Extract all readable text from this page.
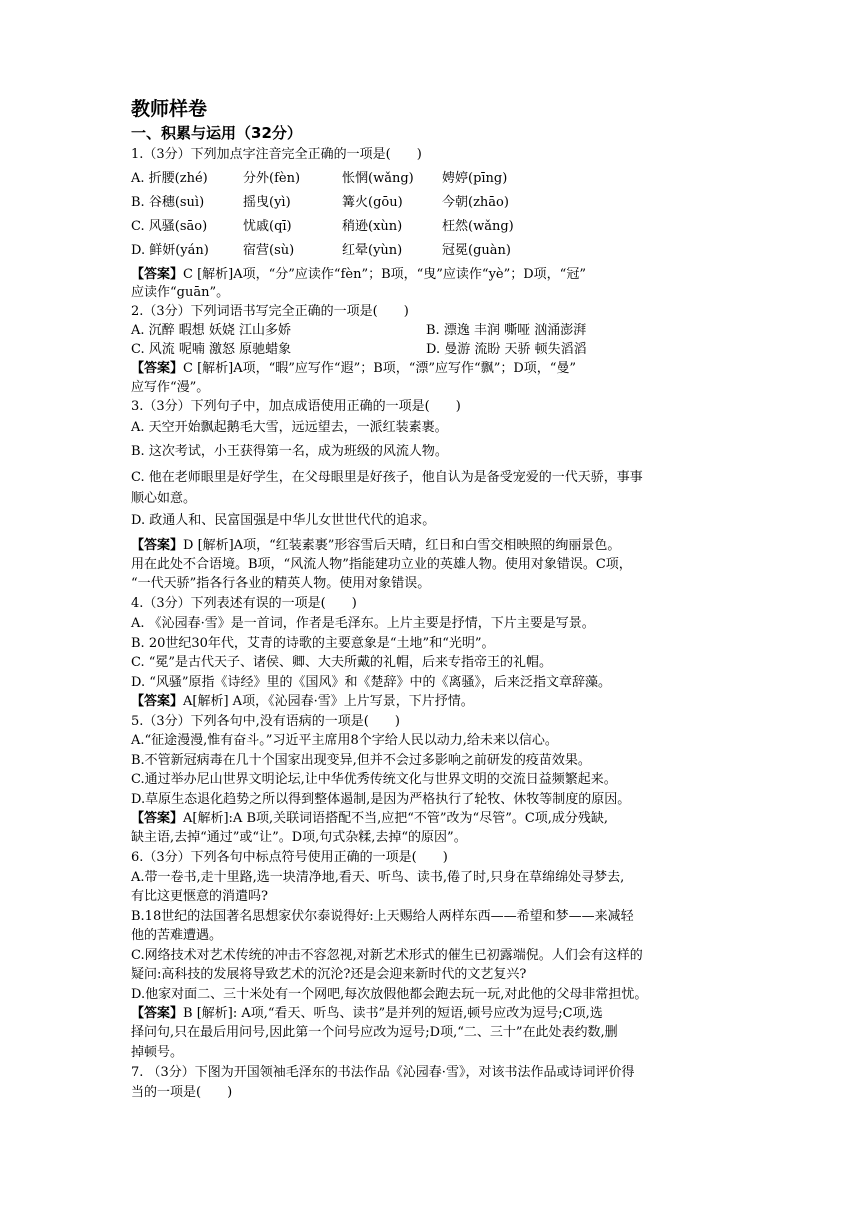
教师样卷
一、积累与运用（32分）
1.（3分）下列加点字注音完全正确的一项是(　　)
A. 折腰(zhé)	分外(fèn)	怅惘(wǎng) 娉婷(pīng)
B. 谷穗(suì)	摇曳(yì)	篝火(gōu)	今朝(zhāo)
C. 风骚(sāo)	忧戚(qī)	稍逊(xùn)	枉然(wǎng)
D. 鲜妍(yán)	宿营(sù)	红晕(yùn)	冠冕(guàn)
【答案】C [解析]A项，“分”应读作“fèn”；B项，“曳”应读作“yè”；D项，“冠”
应读作“guān”。
2.（3分）下列词语书写完全正确的一项是(　　)
A. 沉醉 暇想 妖娆 江山多娇	B. 漂逸 丰润 嘶哑 汹涌澎湃
C. 风流 呢喃 激怒 原驰蜡象	D. 曼游 流盼 天骄 顿失滔滔
【答案】C [解析]A项，“暇”应写作“遐”；B项，“漂”应写作“飘”；D项，“曼”
应写作“漫”。
3.（3分）下列句子中，加点成语使用正确的一项是(　　)
A. 天空开始飘起鹅毛大雪，远远望去，一派红装素裹。
B. 这次考试，小王获得第一名，成为班级的风流人物。
C. 他在老师眼里是好学生，在父母眼里是好孩子，他自认为是备受宠爱的一代天骄，事事
顺心如意。
D. 政通人和、民富国强是中华儿女世世代代的追求。
【答案】D [解析]A项，“红装素裹”形容雪后天晴，红日和白雪交相映照的绚丽景色。
用在此处不合语境。B项，“风流人物”指能建功立业的英雄人物。使用对象错误。C项，
“一代天骄”指各行各业的精英人物。使用对象错误。
4.（3分）下列表述有误的一项是(　　)
A. 《沁园春·雪》是一首词，作者是毛泽东。上片主要是抒情，下片主要是写景。
B. 20世纪30年代，艾青的诗歌的主要意象是“土地”和“光明”。
C. “冕”是古代天子、诸侯、卿、大夫所戴的礼帽，后来专指帝王的礼帽。
D. “风骚”原指《诗经》里的《国风》和《楚辞》中的《离骚》，后来泛指文章辞藻。
【答案】A[解析] A项，《沁园春·雪》上片写景，下片抒情。
5.（3分）下列各句中,没有语病的一项是(　　)
A.“征途漫漫,惟有奋斗。”习近平主席用8个字给人民以动力,给未来以信心。
B.不管新冠病毒在几十个国家出现变异,但并不会过多影响之前研发的疫苗效果。
C.通过举办尼山世界文明论坛,让中华优秀传统文化与世界文明的交流日益频繁起来。
D.草原生态退化趋势之所以得到整体遏制,是因为严格执行了轮牧、休牧等制度的原因。
【答案】A[解析]:A B项,关联词语搭配不当,应把“不管”改为“尽管”。C项,成分残缺,
缺主语,去掉“通过”或“让”。D项,句式杂糅,去掉“的原因”。
6.（3分）下列各句中标点符号使用正确的一项是(　　)
A.带一卷书,走十里路,选一块清净地,看天、听鸟、读书,倦了时,只身在草绵绵处寻梦去,
有比这更惬意的消遣吗?
B.18世纪的法国著名思想家伏尔泰说得好:上天赐给人两样东西——希望和梦——来减轻
他的苦难遭遇。
C.网络技术对艺术传统的冲击不容忽视,对新艺术形式的催生已初露端倪。人们会有这样的
疑问:高科技的发展将导致艺术的沉沦?还是会迎来新时代的文艺复兴?
D.他家对面二、三十米处有一个网吧,每次放假他都会跑去玩一玩,对此他的父母非常担忧。
【答案】B [解析]: A项,“看天、听鸟、读书”是并列的短语,顿号应改为逗号;C项,选
择问句,只在最后用问号,因此第一个问号应改为逗号;D项,“二、三十”在此处表约数,删
掉顿号。
7. （3分）下图为开国领袖毛泽东的书法作品《沁园春·雪》，对该书法作品或诗词评价得
当的一项是(　　)
